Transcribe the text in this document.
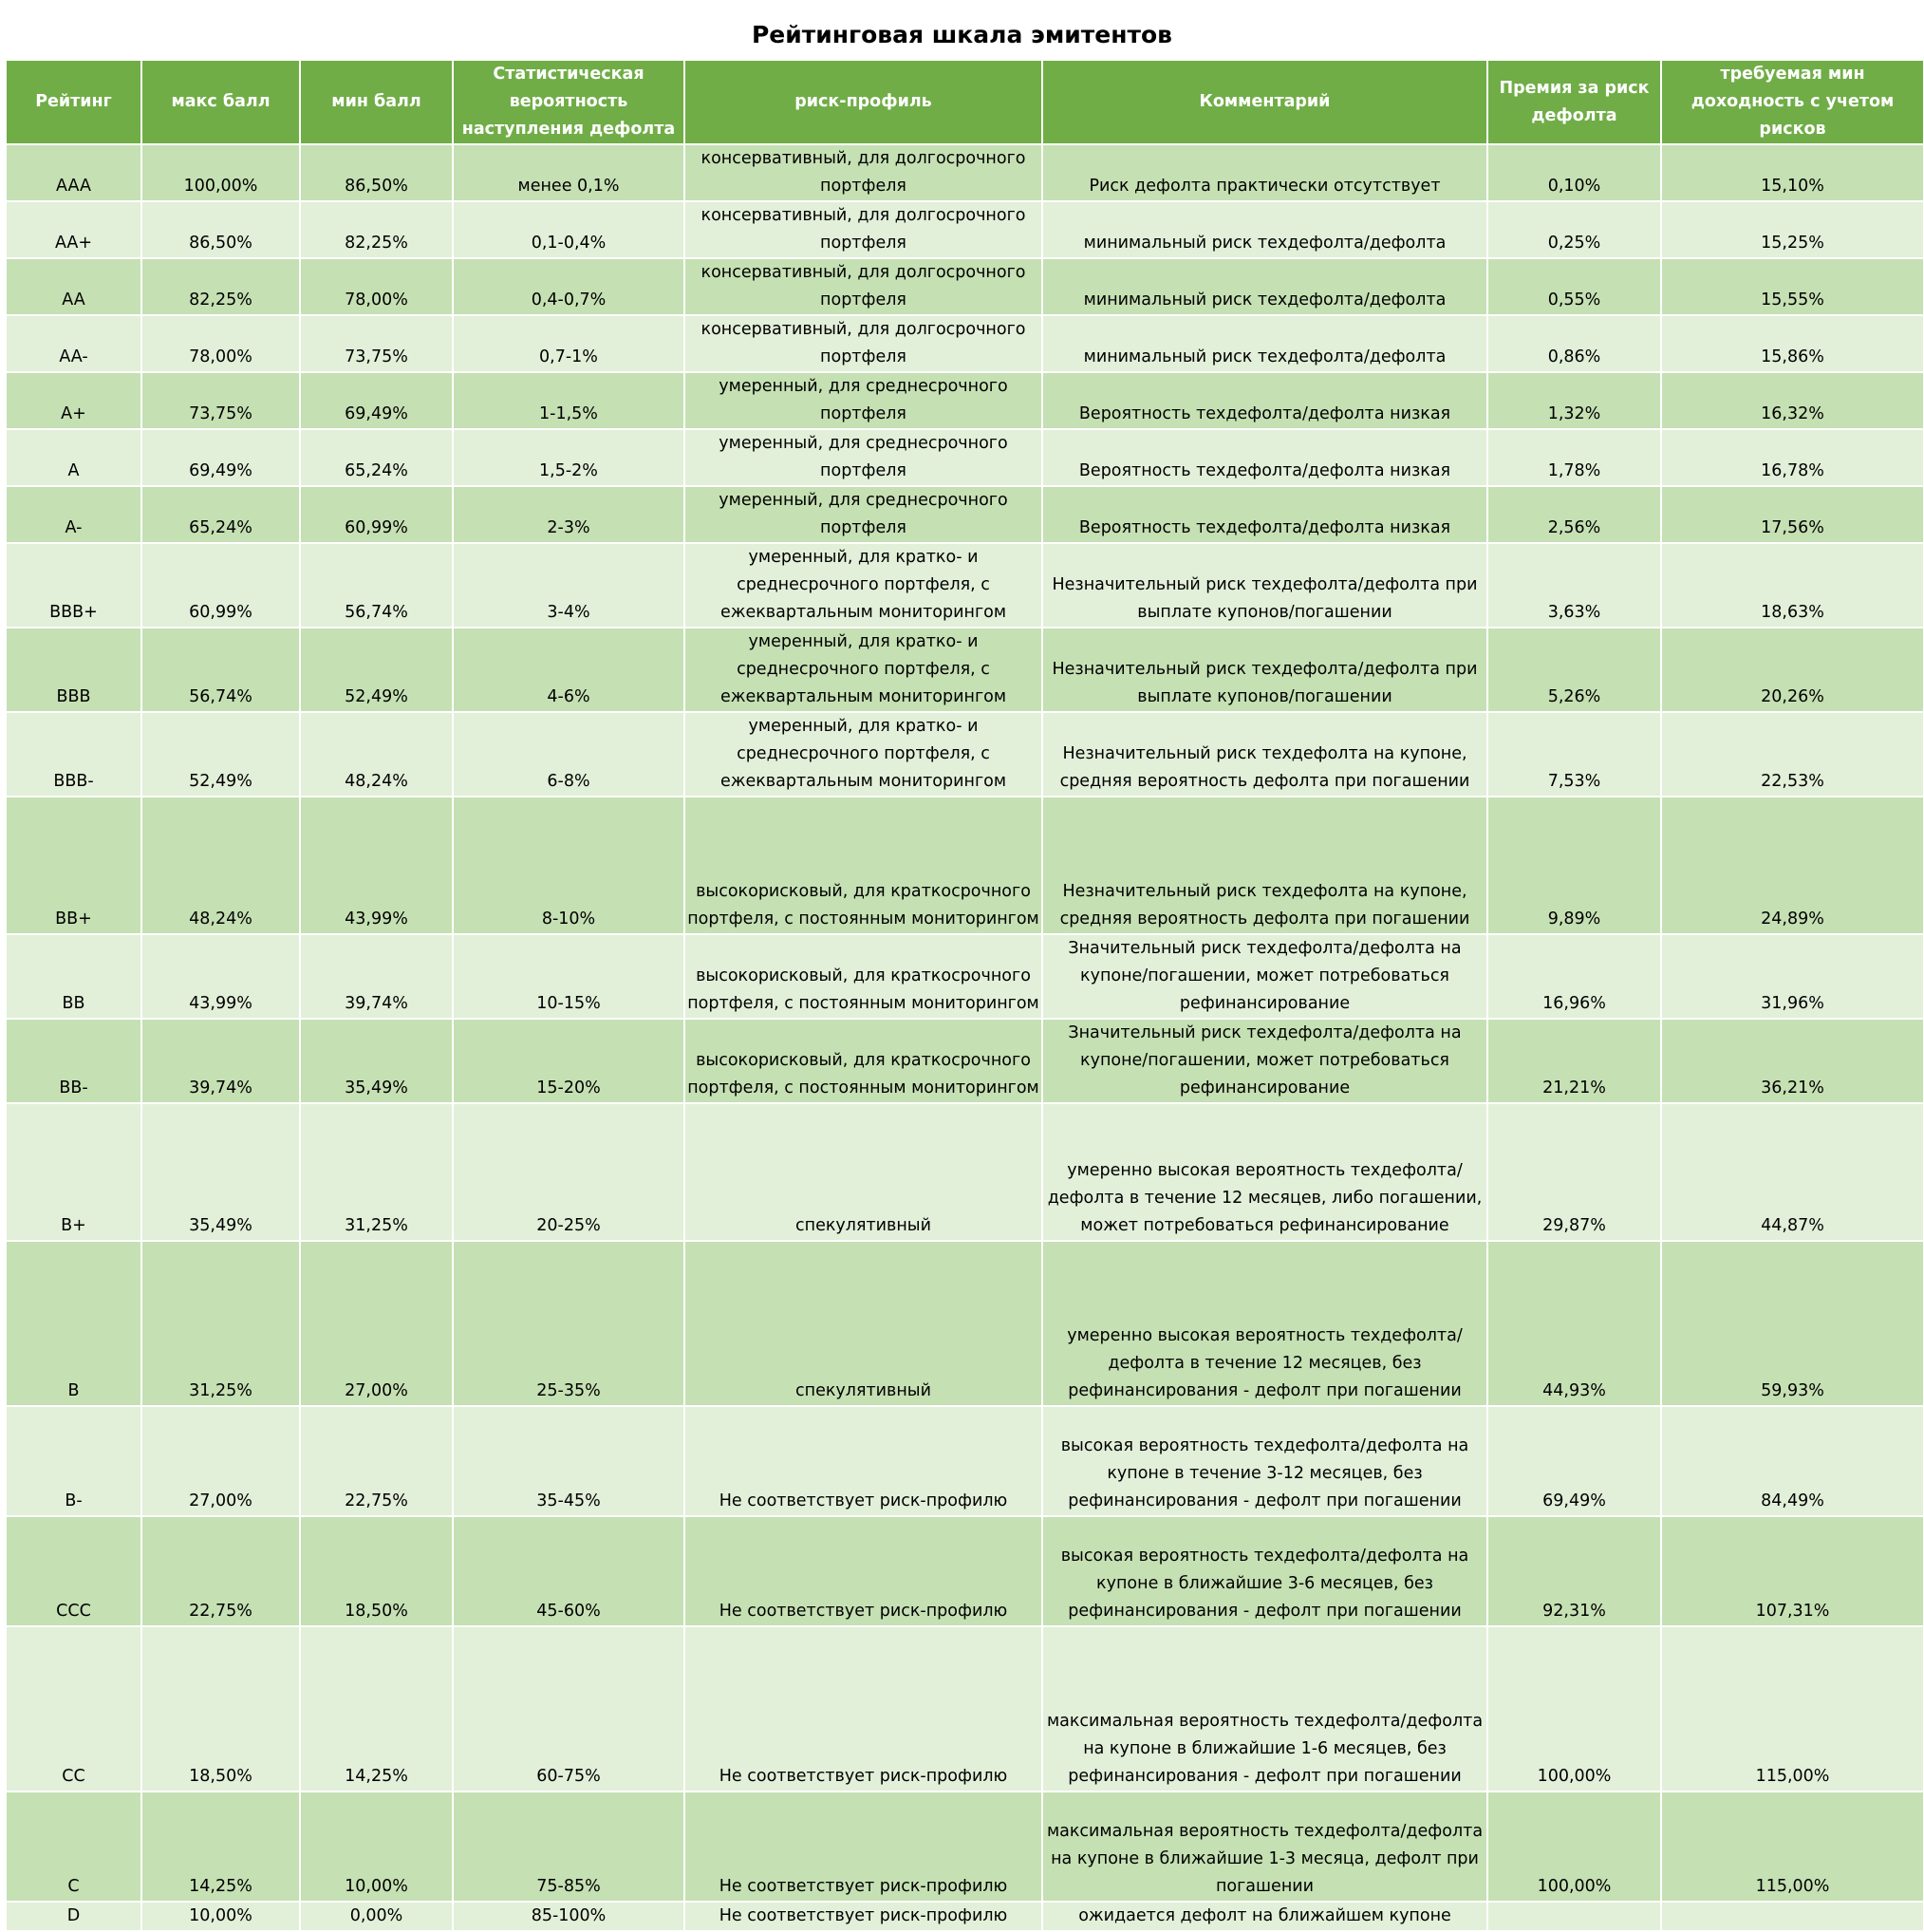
Рейтинговая шкала эмитентов
Рейтинг	макс балл	мин балл	Статистическая вероятность наступления дефолта	риск-профиль	Комментарий	Премия за риск дефолта	требуемая мин доходность с учетом рисков
AAA	100,00%	86,50%	менее 0,1%	консервативный, для долгосрочного портфеля	Риск дефолта практически отсутствует	0,10%	15,10%
AA+	86,50%	82,25%	0,1-0,4%	консервативный, для долгосрочного портфеля	минимальный риск техдефолта/дефолта	0,25%	15,25%
AA	82,25%	78,00%	0,4-0,7%	консервативный, для долгосрочного портфеля	минимальный риск техдефолта/дефолта	0,55%	15,55%
AA-	78,00%	73,75%	0,7-1%	консервативный, для долгосрочного портфеля	минимальный риск техдефолта/дефолта	0,86%	15,86%
A+	73,75%	69,49%	1-1,5%	умеренный, для среднесрочного портфеля	Вероятность техдефолта/дефолта низкая	1,32%	16,32%
A	69,49%	65,24%	1,5-2%	умеренный, для среднесрочного портфеля	Вероятность техдефолта/дефолта низкая	1,78%	16,78%
A-	65,24%	60,99%	2-3%	умеренный, для среднесрочного портфеля	Вероятность техдефолта/дефолта низкая	2,56%	17,56%
BBB+	60,99%	56,74%	3-4%	умеренный, для кратко- и среднесрочного портфеля, с ежеквартальным мониторингом	Незначительный риск техдефолта/дефолта при выплате купонов/погашении	3,63%	18,63%
BBB	56,74%	52,49%	4-6%	умеренный, для кратко- и среднесрочного портфеля, с ежеквартальным мониторингом	Незначительный риск техдефолта/дефолта при выплате купонов/погашении	5,26%	20,26%
BBB-	52,49%	48,24%	6-8%	умеренный, для кратко- и среднесрочного портфеля, с ежеквартальным мониторингом	Незначительный риск техдефолта на купоне, средняя вероятность дефолта при погашении	7,53%	22,53%
BB+	48,24%	43,99%	8-10%	высокорисковый, для краткосрочного портфеля, с постоянным мониторингом	Незначительный риск техдефолта на купоне, средняя вероятность дефолта при погашении	9,89%	24,89%
BB	43,99%	39,74%	10-15%	высокорисковый, для краткосрочного портфеля, с постоянным мониторингом	Значительный риск техдефолта/дефолта на купоне/погашении, может потребоваться рефинансирование	16,96%	31,96%
BB-	39,74%	35,49%	15-20%	высокорисковый, для краткосрочного портфеля, с постоянным мониторингом	Значительный риск техдефолта/дефолта на купоне/погашении, может потребоваться рефинансирование	21,21%	36,21%
B+	35,49%	31,25%	20-25%	спекулятивный	умеренно высокая вероятность техдефолта/дефолта в течение 12 месяцев, либо погашении, может потребоваться рефинансирование	29,87%	44,87%
B	31,25%	27,00%	25-35%	спекулятивный	умеренно высокая вероятность техдефолта/дефолта в течение 12 месяцев, без рефинансирования - дефолт при погашении	44,93%	59,93%
B-	27,00%	22,75%	35-45%	Не соответствует риск-профилю	высокая вероятность техдефолта/дефолта на купоне в течение 3-12 месяцев, без рефинансирования - дефолт при погашении	69,49%	84,49%
CCC	22,75%	18,50%	45-60%	Не соответствует риск-профилю	высокая вероятность техдефолта/дефолта на купоне в ближайшие 3-6 месяцев, без рефинансирования - дефолт при погашении	92,31%	107,31%
CC	18,50%	14,25%	60-75%	Не соответствует риск-профилю	максимальная вероятность техдефолта/дефолта на купоне в ближайшие 1-6 месяцев, без рефинансирования - дефолт при погашении	100,00%	115,00%
C	14,25%	10,00%	75-85%	Не соответствует риск-профилю	максимальная вероятность техдефолта/дефолта на купоне в ближайшие 1-3 месяца, дефолт при погашении	100,00%	115,00%
D	10,00%	0,00%	85-100%	Не соответствует риск-профилю	ожидается дефолт на ближайшем купоне		
